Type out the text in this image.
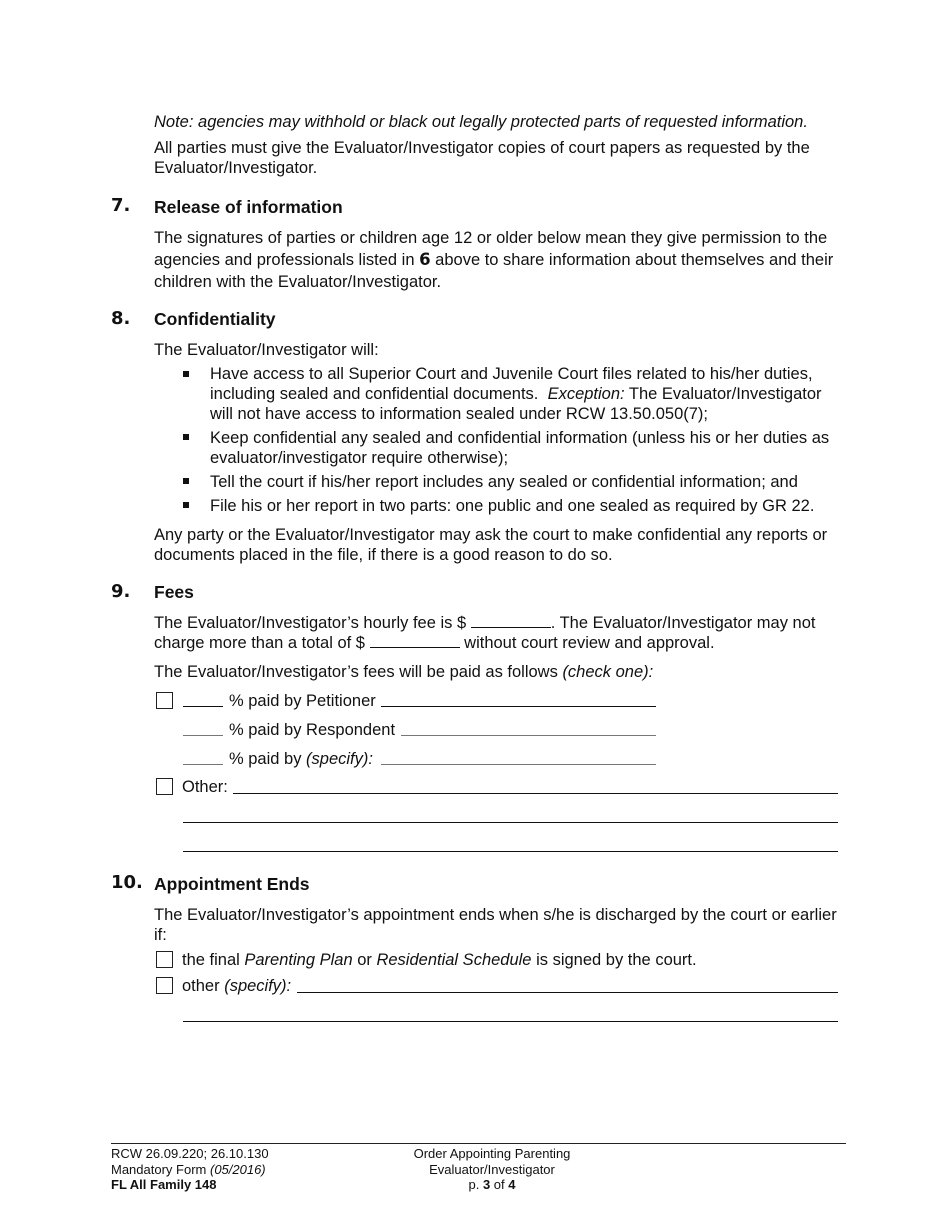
Note: agencies may withhold or black out legally protected parts of requested information.
All parties must give the Evaluator/Investigator copies of court papers as requested by the Evaluator/Investigator.
7. Release of information
The signatures of parties or children age 12 or older below mean they give permission to the agencies and professionals listed in 6 above to share information about themselves and their children with the Evaluator/Investigator.
8. Confidentiality
The Evaluator/Investigator will:
Have access to all Superior Court and Juvenile Court files related to his/her duties, including sealed and confidential documents. Exception: The Evaluator/Investigator will not have access to information sealed under RCW 13.50.050(7);
Keep confidential any sealed and confidential information (unless his or her duties as evaluator/investigator require otherwise);
Tell the court if his/her report includes any sealed or confidential information; and
File his or her report in two parts: one public and one sealed as required by GR 22.
Any party or the Evaluator/Investigator may ask the court to make confidential any reports or documents placed in the file, if there is a good reason to do so.
9. Fees
The Evaluator/Investigator’s hourly fee is $	. The Evaluator/Investigator may not charge more than a total of $	without court review and approval.
The Evaluator/Investigator’s fees will be paid as follows (check one):
% paid by Petitioner
% paid by Respondent
% paid by (specify):
Other:
10. Appointment Ends
The Evaluator/Investigator’s appointment ends when s/he is discharged by the court or earlier if:
the final Parenting Plan or Residential Schedule is signed by the court.
other (specify):
RCW 26.09.220; 26.10.130
Mandatory Form (05/2016)
FL All Family 148
Order Appointing Parenting
Evaluator/Investigator
p. 3 of 4
